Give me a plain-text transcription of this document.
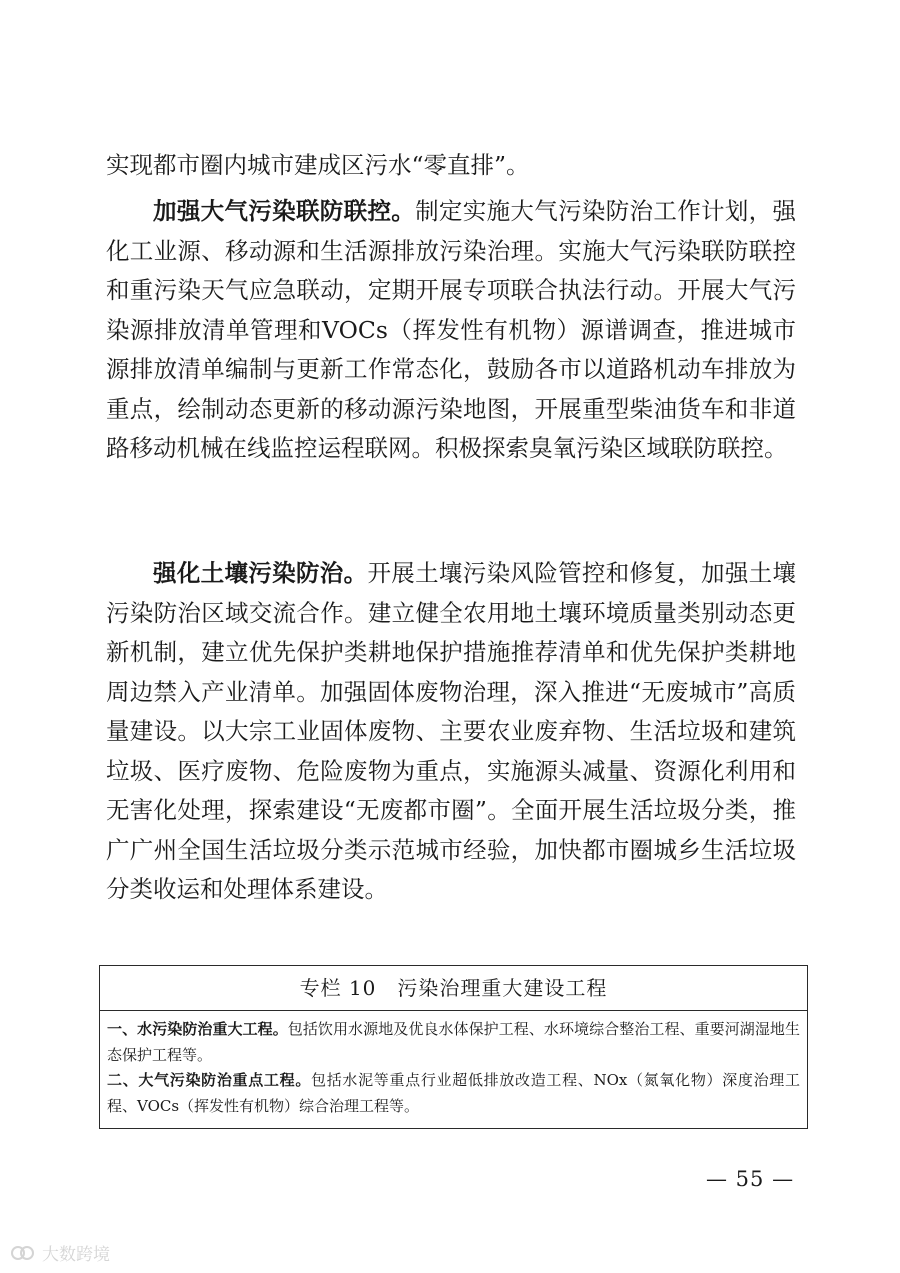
实现都市圈内城市建成区污水“零直排”。

加强大气污染联防联控。制定实施大气污染防治工作计划，强化工业源、移动源和生活源排放污染治理。实施大气污染联防联控和重污染天气应急联动，定期开展专项联合执法行动。开展大气污染源排放清单管理和VOCs（挥发性有机物）源谱调查，推进城市源排放清单编制与更新工作常态化，鼓励各市以道路机动车排放为重点，绘制动态更新的移动源污染地图，开展重型柴油货车和非道路移动机械在线监控运程联网。积极探索臭氧污染区域联防联控。

强化土壤污染防治。开展土壤污染风险管控和修复，加强土壤污染防治区域交流合作。建立健全农用地土壤环境质量类别动态更新机制，建立优先保护类耕地保护措施推荐清单和优先保护类耕地周边禁入产业清单。加强固体废物治理，深入推进“无废城市”高质量建设。以大宗工业固体废物、主要农业废弃物、生活垃圾和建筑垃圾、医疗废物、危险废物为重点，实施源头减量、资源化利用和无害化处理，探索建设“无废都市圈”。全面开展生活垃圾分类，推广广州全国生活垃圾分类示范城市经验，加快都市圈城乡生活垃圾分类收运和处理体系建设。

专栏 10　污染治理重大建设工程

一、水污染防治重大工程。包括饮用水源地及优良水体保护工程、水环境综合整治工程、重要河湖湿地生态保护工程等。

二、大气污染防治重点工程。包括水泥等重点行业超低排放改造工程、NOx（氮氧化物）深度治理工程、VOCs（挥发性有机物）综合治理工程等。

— 55 —
大数跨境
